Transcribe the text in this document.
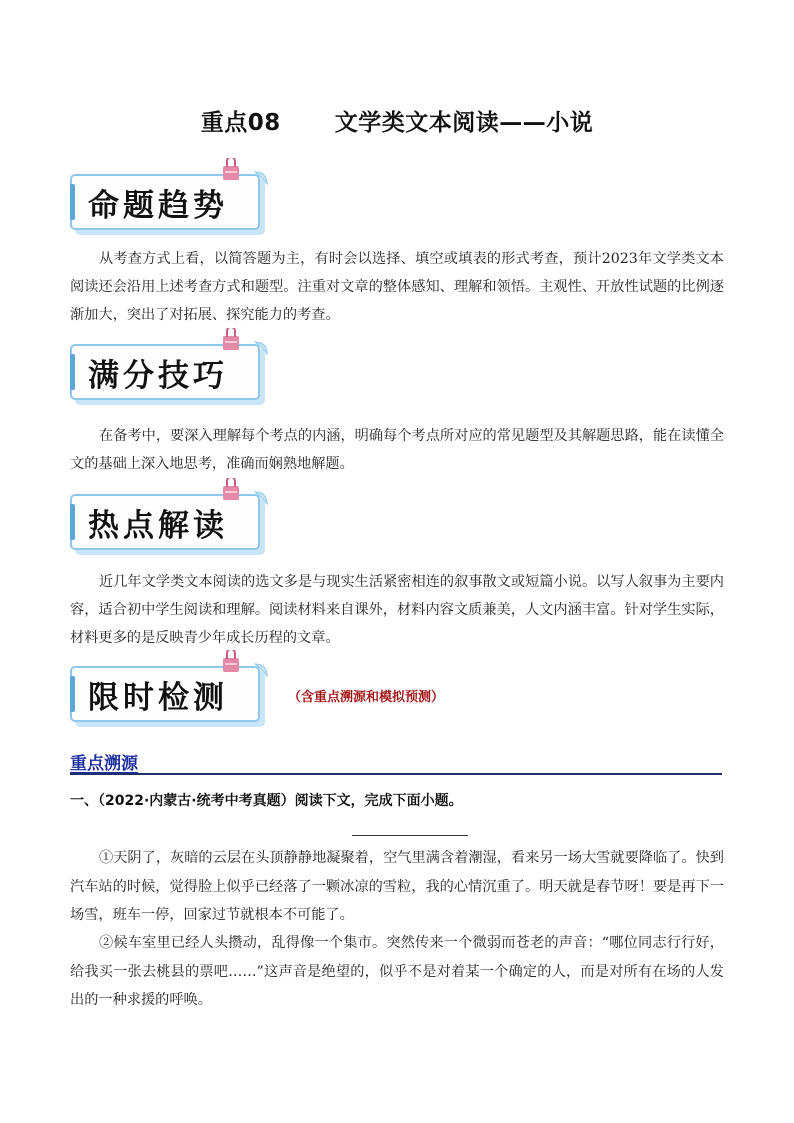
重点08 文学类文本阅读——小说
命题趋势

从考查方式上看，以简答题为主，有时会以选择、填空或填表的形式考查，预计2023年文学类文本阅读还会沿用上述考查方式和题型。注重对文章的整体感知、理解和领悟。主观性、开放性试题的比例逐渐加大，突出了对拓展、探究能力的考查。

满分技巧

在备考中，要深入理解每个考点的内涵，明确每个考点所对应的常见题型及其解题思路，能在读懂全文的基础上深入地思考，准确而娴熟地解题。

热点解读

近几年文学类文本阅读的选文多是与现实生活紧密相连的叙事散文或短篇小说。以写人叙事为主要内容，适合初中学生阅读和理解。阅读材料来自课外，材料内容文质兼美，人文内涵丰富。针对学生实际，材料更多的是反映青少年成长历程的文章。

限时检测	（含重点溯源和模拟预测）
重点溯源
一、（2022·内蒙古·统考中考真题）阅读下文，完成下面小题。

①天阴了，灰暗的云层在头顶静静地凝聚着，空气里满含着潮湿，看来另一场大雪就要降临了。快到汽车站的时候，觉得脸上似乎已经落了一颗冰凉的雪粒，我的心情沉重了。明天就是春节呀！要是再下一场雪，班车一停，回家过节就根本不可能了。

②候车室里已经人头攒动，乱得像一个集市。突然传来一个微弱而苍老的声音：“哪位同志行行好，给我买一张去桃县的票吧……”这声音是绝望的，似乎不是对着某一个确定的人，而是对所有在场的人发出的一种求援的呼唤。
